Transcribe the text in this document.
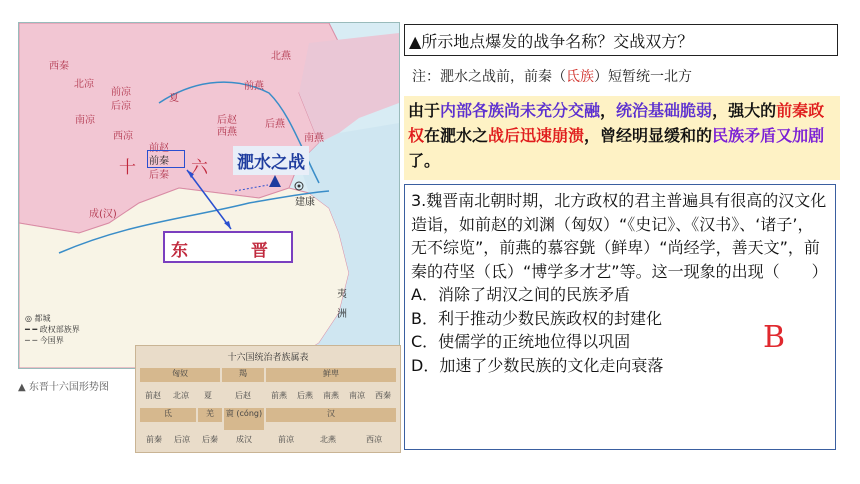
西秦
北凉
前凉
后凉
南凉
西凉
夏
前赵
前秦
后秦
后赵
西燕
前燕
北燕
后燕
南燕
成(汉)
十	六
夷
洲
建康
东	晋
淝水之战
◎ 都城
━ ━ 政权部族界
─ ─ 今国界
▲ 东晋十六国形势图
十六国统治者族属表
匈奴	羯	鲜卑
前赵	北凉	夏	后赵	前燕	后燕	南燕	南凉	西秦
氐	羌	賨 (cóng)	汉
前秦	后凉	后秦	成汉	前凉	北燕	西凉
▲所示地点爆发的战争名称？交战双方？
注：淝水之战前，前秦（氐族）短暂统一北方
由于内部各族尚未充分交融，统治基础脆弱，强大的前秦政权在淝水之战后迅速崩溃，曾经明显缓和的民族矛盾又加剧了。
3.魏晋南北朝时期，北方政权的君主普遍具有很高的汉文化造诣，如前赵的刘渊（匈奴）“《史记》、《汉书》、‘诸子’，无不综览”，前燕的慕容皝（鲜卑）“尚经学，善天文”，前秦的苻坚（氐）“博学多才艺”等。这一现象的出现（　　）
A．消除了胡汉之间的民族矛盾
B．利于推动少数民族政权的封建化
C．使儒学的正统地位得以巩固
D．加速了少数民族的文化走向衰落
B
